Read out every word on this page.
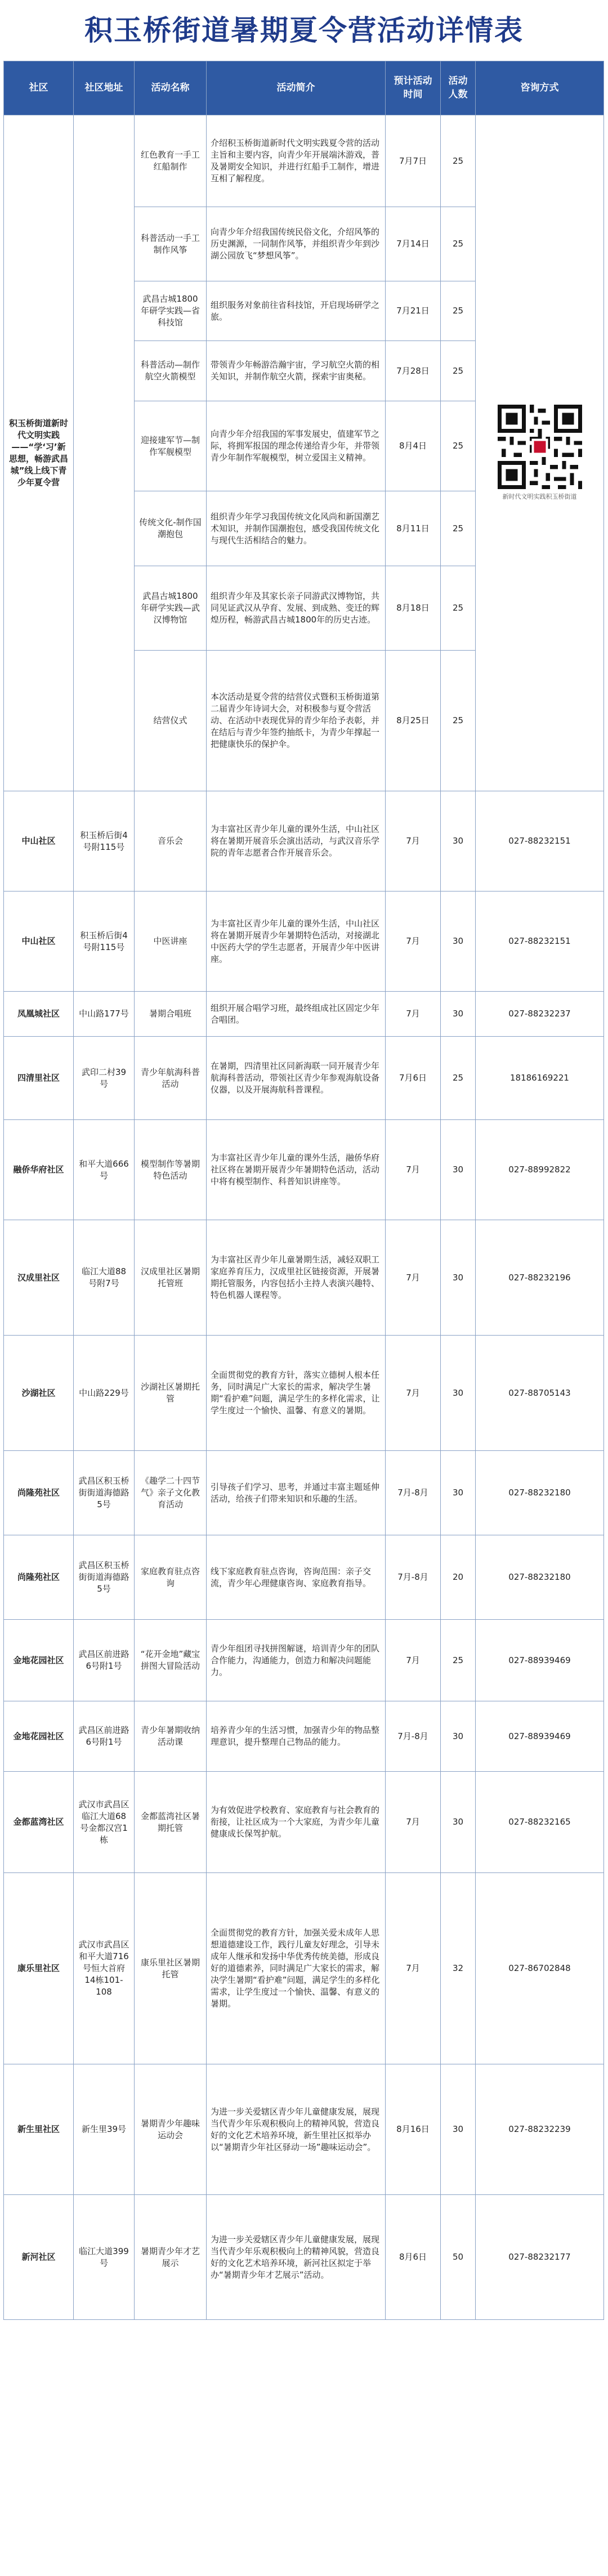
积玉桥街道暑期夏令营活动详情表
社区	社区地址	活动名称	活动简介	预计活动时间	活动人数	咨询方式
积玉桥街道新时代文明实践——“学‘习’新思想，畅游武昌城”线上线下青少年夏令营		红色教育一手工红船制作	介绍积玉桥街道新时代文明实践夏令营的活动主旨和主要内容，向青少年开展端沐游戏，普及暑期安全知识，并进行红船手工制作，增进互相了解程度。	7月7日	25	新时代文明实践积玉桥街道

		科普活动一手工制作风筝	向青少年介绍我国传统民俗文化，介绍风筝的历史渊源，一同制作风筝，并组织青少年到沙湖公园放飞“梦想风筝”。	7月14日	25	
		武昌古城1800年研学实践—省科技馆	组织服务对象前往省科技馆，开启现场研学之旅。	7月21日	25	
		科普活动—制作航空火箭模型	带领青少年畅游浩瀚宇宙，学习航空火箭的相关知识，并制作航空火箭，探索宇宙奥秘。	7月28日	25	
		迎接建军节—制作军舰模型	向青少年介绍我国的军事发展史，值建军节之际，将拥军报国的理念传递给青少年，并带领青少年制作军舰模型，树立爱国主义精神。	8月4日	25	
		传统文化-制作国潮抱包	组织青少年学习我国传统文化风尚和新国潮艺术知识，并制作国潮抱包，感受我国传统文化与现代生活相结合的魅力。	8月11日	25	
		武昌古城1800年研学实践—武汉博物馆	组织青少年及其家长亲子同游武汉博物馆，共同见证武汉从孕育、发展、到成熟、变迁的辉煌历程，畅游武昌古城1800年的历史古迹。	8月18日	25	
		结营仪式	本次活动是夏令营的结营仪式暨积玉桥街道第二届青少年诗词大会，对积极参与夏令营活动、在活动中表现优异的青少年给予表彰，并在结后与青少年签约抽纸卡，为青少年撑起一把健康快乐的保护伞。	8月25日	25	
中山社区	积玉桥后街4号附115号	音乐会	为丰富社区青少年儿童的课外生活，中山社区将在暑期开展音乐会演出活动，与武汉音乐学院的青年志愿者合作开展音乐会。	7月	30	027-88232151
中山社区	积玉桥后街4号附115号	中医讲座	为丰富社区青少年儿童的课外生活，中山社区将在暑期开展青少年暑期特色活动，对接湖北中医药大学的学生志愿者，开展青少年中医讲座。	7月	30	027-88232151
凤凰城社区	中山路177号	暑期合唱班	组织开展合唱学习班，最终组成社区固定少年合唱团。	7月	30	027-88232237
四清里社区	武印二村39号	青少年航海科普活动	在暑期，四清里社区同新海联一同开展青少年航海科普活动，带领社区青少年参观海航设备仪器，以及开展海航科普课程。	7月6日	25	18186169221
融侨华府社区	和平大道666号	模型制作等暑期特色活动	为丰富社区青少年儿童的课外生活，融侨华府社区将在暑期开展青少年暑期特色活动，活动中将有模型制作、科普知识讲座等。	7月	30	027-88992822
汉成里社区	临江大道88号附7号	汉成里社区暑期托管班	为丰富社区青少年儿童暑期生活，减轻双职工家庭养育压力，汉成里社区链接资源，开展暑期托管服务，内容包括小主持人表演兴趣特、特色机器人课程等。	7月	30	027-88232196
沙湖社区	中山路229号	沙湖社区暑期托管	全面贯彻党的教育方针，落实立德树人根本任务，同时满足广大家长的需求，解决学生暑期“看护难”问题，满足学生的多样化需求，让学生度过一个愉快、温馨、有意义的暑期。	7月	30	027-88705143
尚隆苑社区	武昌区积玉桥街街道海德路5号	《趣学二十四节气》亲子文化教育活动	引导孩子们学习、思考，并通过丰富主题延伸活动，给孩子们带来知识和乐趣的生活。	7月-8月	30	027-88232180
尚隆苑社区	武昌区积玉桥街街道海德路5号	家庭教育驻点咨询	线下家庭教育驻点咨询，咨询范围：亲子交流，青少年心理健康咨询、家庭教育指导。	7月-8月	20	027-88232180
金地花园社区	武昌区前进路6号附1号	“花开金地”藏宝拼图大冒险活动	青少年组团寻找拼图解谜，培训青少年的团队合作能力，沟通能力，创造力和解决问题能力。	7月	25	027-88939469
金地花园社区	武昌区前进路6号附1号	青少年暑期收纳活动课	培养青少年的生活习惯，加强青少年的物品整理意识，提升整理自己物品的能力。	7月-8月	30	027-88939469
金都蓝湾社区	武汉市武昌区临江大道68号金都汉宫1栋	金都蓝湾社区暑期托管	为有效促进学校教育、家庭教育与社会教育的衔接，让社区成为一个大家庭，为青少年儿童健康成长保驾护航。	7月	30	027-88232165
康乐里社区	武汉市武昌区和平大道716号恒大首府14栋101-108	康乐里社区暑期托管	全面贯彻党的教育方针，加强关爱未成年人思想道德建设工作，践行儿童友好理念，引导未成年人继承和发扬中华优秀传统美德，形成良好的道德素养，同时满足广大家长的需求，解决学生暑期“看护难”问题，满足学生的多样化需求，让学生度过一个愉快、温馨、有意义的暑期。	7月	32	027-86702848
新生里社区	新生里39号	暑期青少年趣味运动会	为进一步关爱辖区青少年儿童健康发展，展现当代青少年乐观积极向上的精神风貌，营造良好的文化艺术培养环境，新生里社区拟举办以“暑期青少年社区驿动一场”趣味运动会”。	8月16日	30	027-88232239
新河社区	临江大道399号	暑期青少年才艺展示	为进一步关爱辖区青少年儿童健康发展，展现当代青少年乐观积极向上的精神风貌，营造良好的文化艺术培养环境，新河社区拟定于举办“暑期青少年才艺展示”活动。	8月6日	50	027-88232177
